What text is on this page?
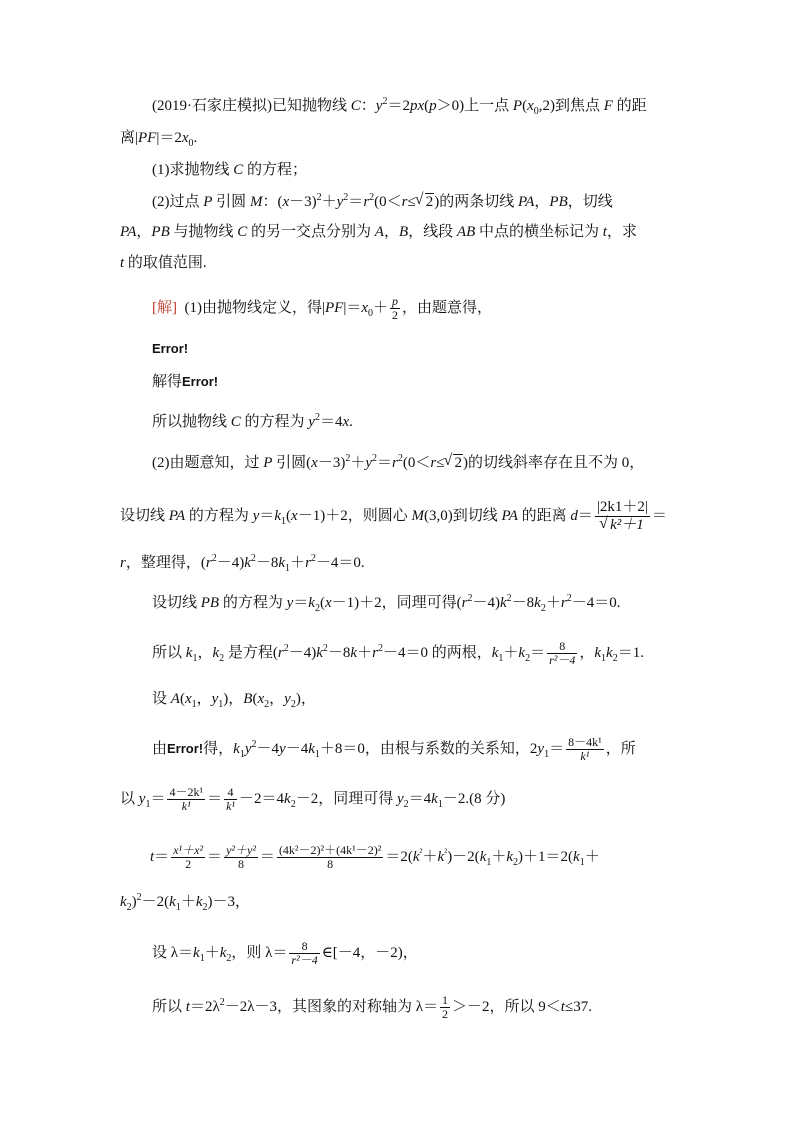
(2019·石家庄模拟)已知抛物线 C：$y^2=2px(p>0)$上一点 $P(x_0,2)$到焦点 F 的距
离$|PF|=2x_0$.
(1)求抛物线 C 的方程；
(2)过点 P 引圆 M：$(x-3)^2+y^2=r^2(0<r\le√$ 2)的两条切线 PA，PB，切线
PA，PB 与抛物线 C 的另一交点分别为 A，B，线段 AB 中点的横坐标记为 t，求
t 的取值范围.
[解] (1)由抛物线定义，得$|PF|=x_0+ \frac{p}{2}$ ，由题意得，
Error!
解得Error!
所以抛物线 C 的方程为 $y^2=4x$.
(2)由题意知，过 P 引圆$(x-3)^2+y^2=r^2(0<r\le√$ 2)的切线斜率存在且不为 0，
设切线 PA 的方程为 $y=k_1(x-1)+2$，则圆心 M(3,0)到切线 PA 的距离 d＝ |2k1＋2|
√ k²＋1 ＝
r，整理得，$(r^2-4)k^2-8k_1+r^2-4=0$.
设切线 PB 的方程为 $y=k_2(x-1)+2$，同理可得$(r^2-4)k^2-8k_2+r^2-4=0$.
所以 $k_1$，$k_2$ 是方程$(r^2-4)k^2-8k+r^2-4=0$ 的两根，$k_1+k_2= \frac{8}{\text{r²－4}}$ ，$k_1k_2=1$.
设 $A(x_1$，$y_1$)，$B(x_2$，$y_2$)，
由Error!得，$k_1y^2-4y-4k_1+8=0$，由根与系数的关系知，$2y_1= \frac{\text{8－4k¹}}{\text{k¹}}$ ，所
以 $y_1= \frac{\text{4－2k¹}}{\text{k¹}} = \frac{4}{\text{k¹}} -2=4k_2-2$，同理可得 $y_2=4k_1-2.(8$ 分)
$t= \frac{\text{x¹＋x²}}{2} = \frac{\text{y²＋y²}}{8} = \frac{\text{(4k²－2)²＋(4k¹－2)²}}{8} =2(k^{^2}+k^{^2})-2(k_1+k_2)+1=2(k_1+$
$k_2)^2-2(k_1+k_2)-3$，
设 $\lambda=k_1+k_2$，则 $\lambda= \frac{8}{\text{r²－4}}$ ∈[－4，－2)，
所以 $t=2\lambda^2-2\lambda-3$，其图象的对称轴为 $\lambda= \frac{1}{2} >-2$，所以 9＜t≤37.
